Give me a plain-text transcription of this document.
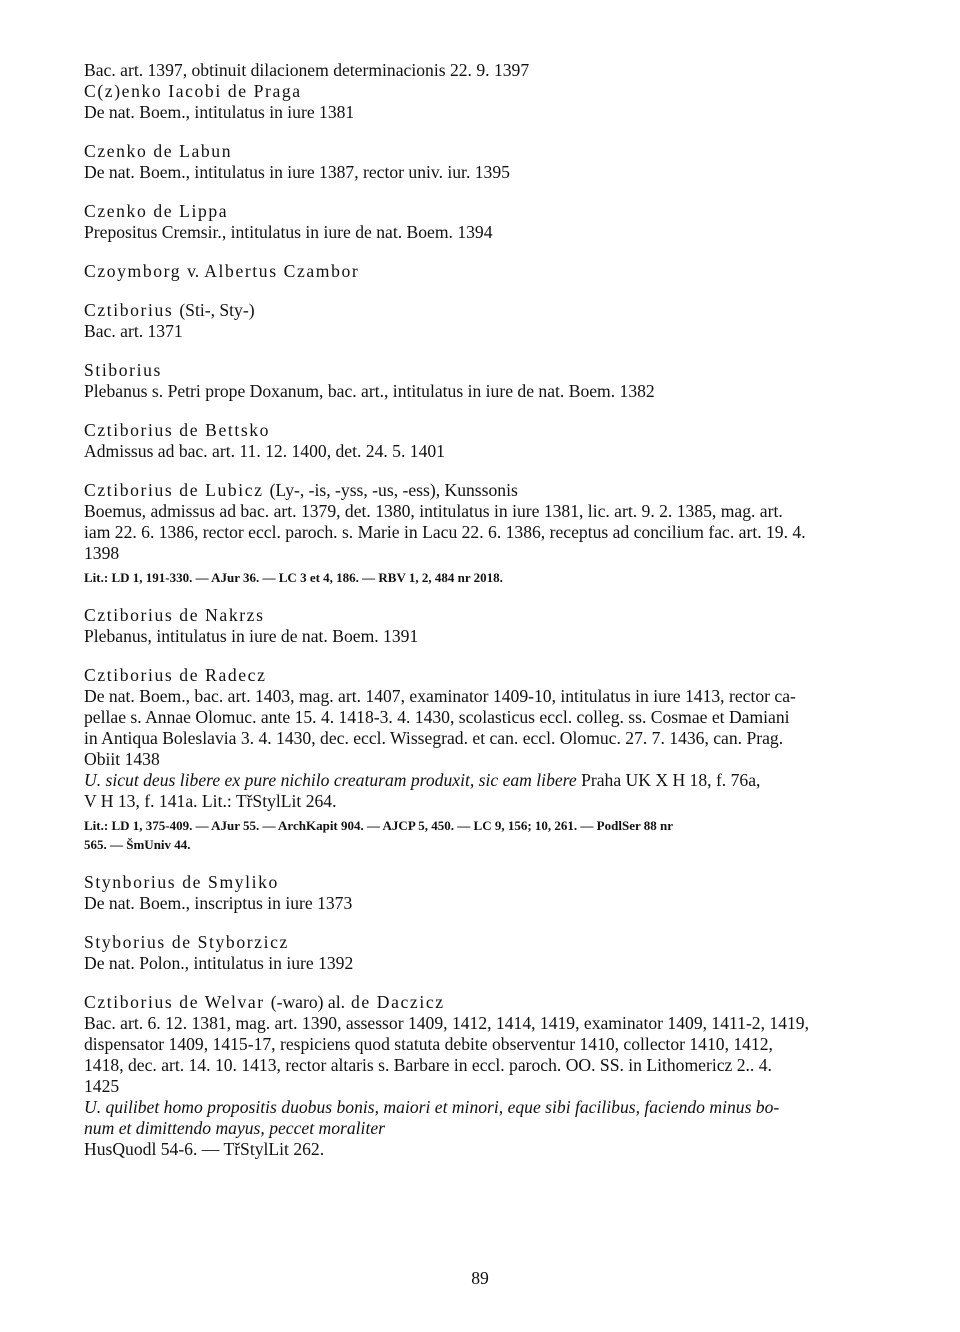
Bac. art. 1397, obtinuit dilacionem determinacionis 22. 9. 1397

C(z)enko Iacobi de Praga

De nat. Boem., intitulatus in iure 1381

Czenko de Labun

De nat. Boem., intitulatus in iure 1387, rector univ. iur. 1395

Czenko de Lippa

Prepositus Cremsir., intitulatus in iure de nat. Boem. 1394

Czoymborg v. Albertus Czambor

Cztiborius (Sti-, Sty-)

Bac. art. 1371

Stiborius

Plebanus s. Petri prope Doxanum, bac. art., intitulatus in iure de nat. Boem. 1382

Cztiborius de Bettsko

Admissus ad bac. art. 11. 12. 1400, det. 24. 5. 1401

Cztiborius de Lubicz (Ly-, -is, -yss, -us, -ess), Kunssonis

Boemus, admissus ad bac. art. 1379, det. 1380, intitulatus in iure 1381, lic. art. 9. 2. 1385, mag. art.

iam 22. 6. 1386, rector eccl. paroch. s. Marie in Lacu 22. 6. 1386, receptus ad concilium fac. art. 19. 4.

1398

Lit.: LD 1, 191-330. — AJur 36. — LC 3 et 4, 186. — RBV 1, 2, 484 nr 2018.

Cztiborius de Nakrzs

Plebanus, intitulatus in iure de nat. Boem. 1391

Cztiborius de Radecz

De nat. Boem., bac. art. 1403, mag. art. 1407, examinator 1409-10, intitulatus in iure 1413, rector ca-

pellae s. Annae Olomuc. ante 15. 4. 1418-3. 4. 1430, scolasticus eccl. colleg. ss. Cosmae et Damiani

in Antiqua Boleslavia 3. 4. 1430, dec. eccl. Wissegrad. et can. eccl. Olomuc. 27. 7. 1436, can. Prag.

Obiit 1438

U. sicut deus libere ex pure nichilo creaturam produxit, sic eam libere Praha UK X H 18, f. 76a,

V H 13, f. 141a. Lit.: TřStylLit 264.

Lit.: LD 1, 375-409. — AJur 55. — ArchKapit 904. — AJCP 5, 450. — LC 9, 156; 10, 261. — PodlSer 88 nr

565. — ŠmUniv 44.

Stynborius de Smyliko

De nat. Boem., inscriptus in iure 1373

Styborius de Styborzicz

De nat. Polon., intitulatus in iure 1392

Cztiborius de Welvar (-waro) al. de Daczicz

Bac. art. 6. 12. 1381, mag. art. 1390, assessor 1409, 1412, 1414, 1419, examinator 1409, 1411-2, 1419,

dispensator 1409, 1415-17, respiciens quod statuta debite observentur 1410, collector 1410, 1412,

1418, dec. art. 14. 10. 1413, rector altaris s. Barbare in eccl. paroch. OO. SS. in Lithomericz 2.. 4.

1425

U. quilibet homo propositis duobus bonis, maiori et minori, eque sibi facilibus, faciendo minus bo-

num et dimittendo mayus, peccet moraliter

HusQuodl 54-6. — TřStylLit 262.

89
